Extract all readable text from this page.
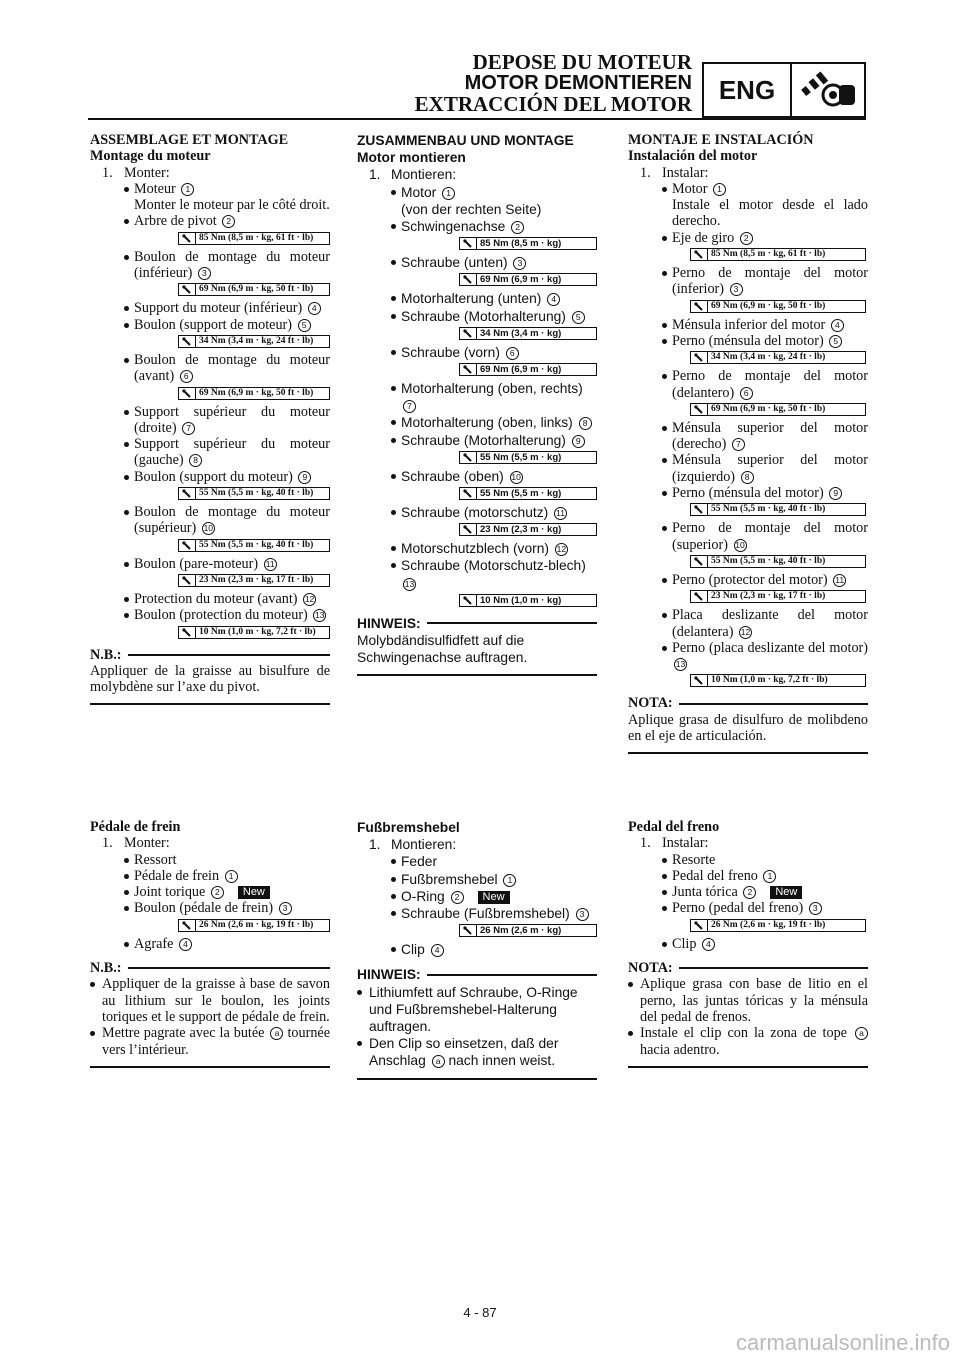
DEPOSE DU MOTEUR
MOTOR DEMONTIEREN
EXTRACCIÓN DEL MOTOR	ENG

ASSEMBLAGE ET MONTAGE

Montage du moteur

1. Monter:

Moteur 1

Monter le moteur par le côté droit.

Arbre de pivot 2

85 Nm (8,5 m · kg, 61 ft · lb)

Boulon de montage du moteur (inférieur) 3

69 Nm (6,9 m · kg, 50 ft · lb)

Support du moteur (inférieur) 4

Boulon (support de moteur) 5

34 Nm (3,4 m · kg, 24 ft · lb)

Boulon de montage du moteur (avant) 6

69 Nm (6,9 m · kg, 50 ft · lb)

Support supérieur du moteur (droite) 7

Support supérieur du moteur (gauche) 8

Boulon (support du moteur) 9

55 Nm (5,5 m · kg, 40 ft · lb)

Boulon de montage du moteur (supérieur) 10

55 Nm (5,5 m · kg, 40 ft · lb)

Boulon (pare-moteur) 11

23 Nm (2,3 m · kg, 17 ft · lb)

Protection du moteur (avant) 12

Boulon (protection du moteur) 13

10 Nm (1,0 m · kg, 7,2 ft · lb)
N.B.:

Appliquer de la graisse au bisulfure de molybdène sur l’axe du pivot.

ZUSAMMENBAU UND MONTAGE

Motor montieren

1. Montieren:

Motor 1

(von der rechten Seite)

Schwingenachse 2

85 Nm (8,5 m · kg)

Schraube (unten) 3

69 Nm (6,9 m · kg)

Motorhalterung (unten) 4

Schraube (Motorhalterung) 5

34 Nm (3,4 m · kg)

Schraube (vorn) 6

69 Nm (6,9 m · kg)

Motorhalterung (oben, rechts) 7

Motorhalterung (oben, links) 8

Schraube (Motorhalterung) 9

55 Nm (5,5 m · kg)

Schraube (oben) 10

55 Nm (5,5 m · kg)

Schraube (motorschutz) 11

23 Nm (2,3 m · kg)

Motorschutzblech (vorn) 12

Schraube (Motorschutz-blech) 13

10 Nm (1,0 m · kg)
HINWEIS:

Molybdändisulfidfett auf die Schwingenachse auftragen.

MONTAJE E INSTALACIÓN

Instalación del motor

1. Instalar:

Motor 1

Instale el motor desde el lado derecho.

Eje de giro 2

85 Nm (8,5 m · kg, 61 ft · lb)

Perno de montaje del motor (inferior) 3

69 Nm (6,9 m · kg, 50 ft · lb)

Ménsula inferior del motor 4

Perno (ménsula del motor) 5

34 Nm (3,4 m · kg, 24 ft · lb)

Perno de montaje del motor (delantero) 6

69 Nm (6,9 m · kg, 50 ft · lb)

Ménsula superior del motor (derecho) 7

Ménsula superior del motor (izquierdo) 8

Perno (ménsula del motor) 9

55 Nm (5,5 m · kg, 40 ft · lb)

Perno de montaje del motor (superior) 10

55 Nm (5,5 m · kg, 40 ft · lb)

Perno (protector del motor) 11

23 Nm (2,3 m · kg, 17 ft · lb)

Placa deslizante del motor (delantera) 12

Perno (placa deslizante del motor) 13

10 Nm (1,0 m · kg, 7,2 ft · lb)
NOTA:

Aplique grasa de disulfuro de molibdeno en el eje de articulación.

Pédale de frein

1. Monter:

Ressort

Pédale de frein 1

Joint torique 2 New

Boulon (pédale de frein) 3

26 Nm (2,6 m · kg, 19 ft · lb)

Agrafe 4

N.B.:

Appliquer de la graisse à base de savon au lithium sur le boulon, les joints toriques et le support de pédale de frein.

Mettre pagrate avec la butée a tournée vers l’intérieur.

Fußbremshebel

1. Montieren:

Feder

Fußbremshebel 1

O-Ring 2 New

Schraube (Fußbremshebel) 3

26 Nm (2,6 m · kg)

Clip 4

HINWEIS:

Lithiumfett auf Schraube, O-Ringe und Fußbremshebel-Halterung auftragen.

Den Clip so einsetzen, daß der Anschlag a nach innen weist.

Pedal del freno

1. Instalar:

Resorte

Pedal del freno 1

Junta tórica 2 New

Perno (pedal del freno) 3

26 Nm (2,6 m · kg, 19 ft · lb)

Clip 4

NOTA:

Aplique grasa con base de litio en el perno, las juntas tóricas y la ménsula del pedal de frenos.

Instale el clip con la zona de tope a hacia adentro.

4 - 87
carmanualsonline.info
